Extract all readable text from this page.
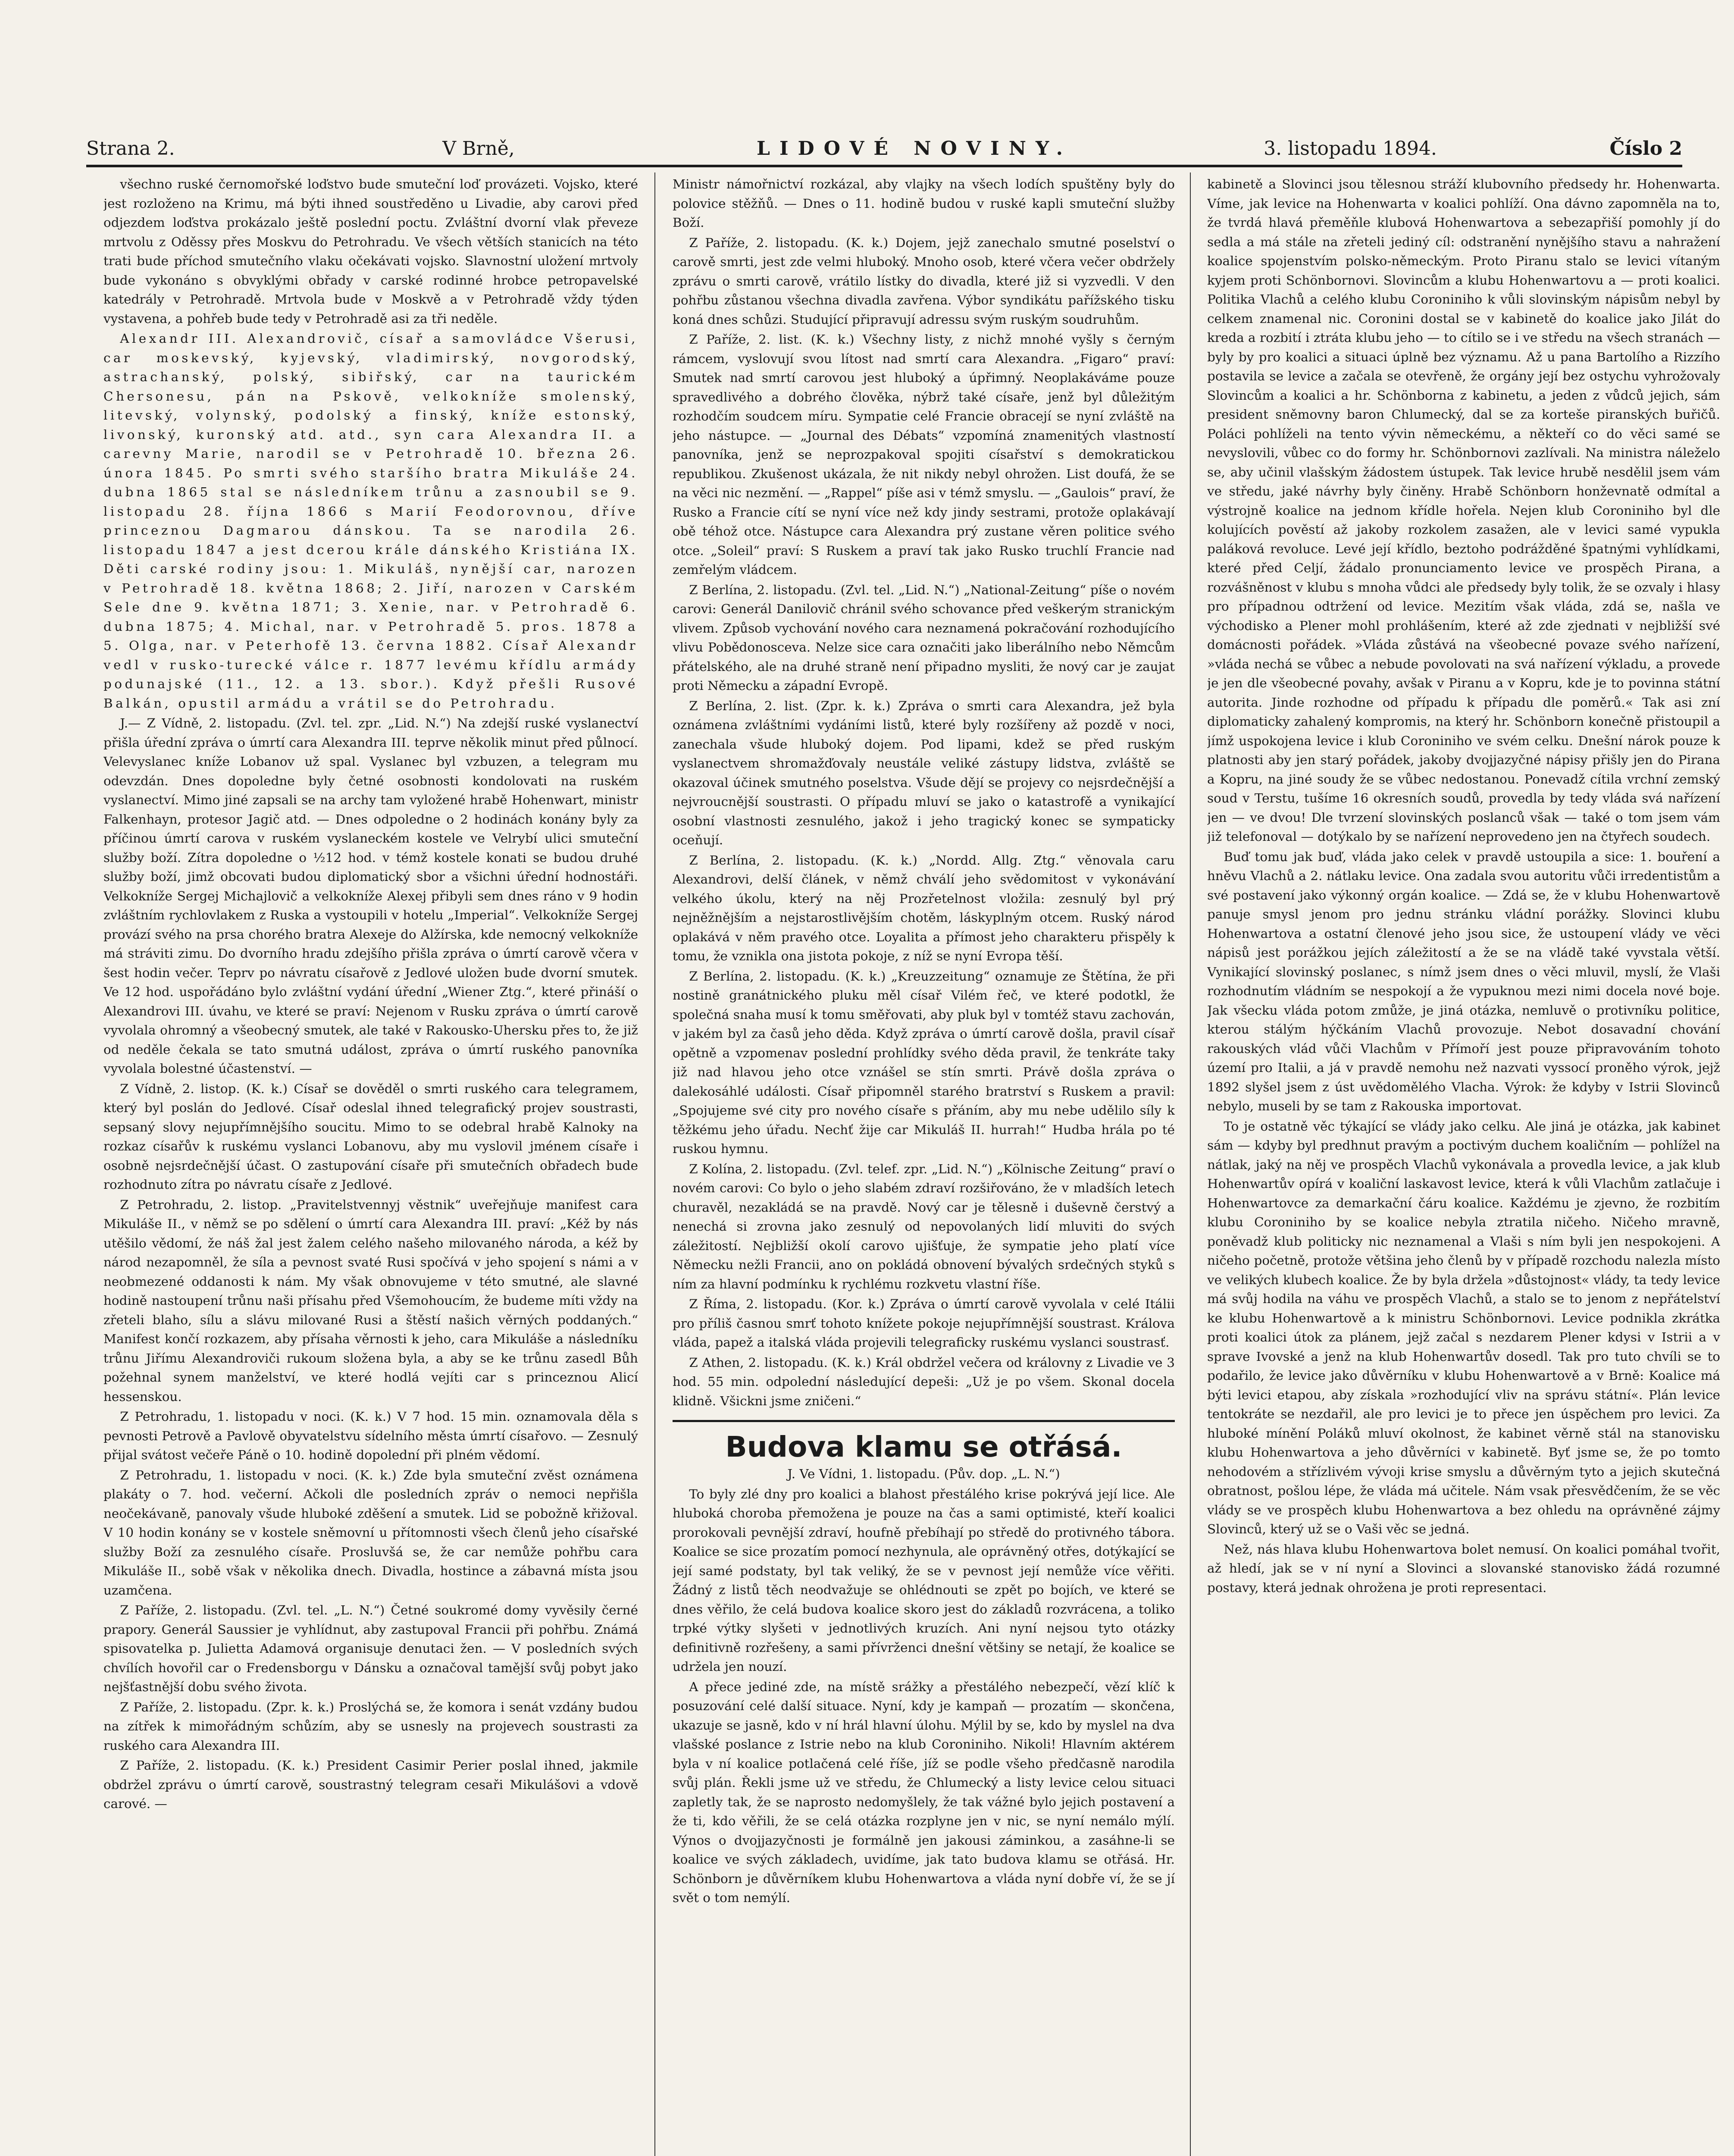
Strana 2.	V Brně,	LIDOVÉ NOVINY.	3. listopadu 1894.	Číslo 2

všechno ruské černomořské loďstvo bude smuteční loď provázeti. Vojsko, které jest rozloženo na Krimu, má býti ihned soustředěno u Livadie, aby carovi před odjezdem loďstva prokázalo ještě poslední poctu. Zvláštní dvorní vlak převeze mrtvolu z Oděssy přes Moskvu do Petrohradu. Ve všech větších stanicích na této trati bude příchod smutečního vlaku očekávati vojsko. Slavnostní uložení mrtvoly bude vykonáno s obvyklými obřady v carské rodinné hrobce petropavelské katedrály v Petrohradě. Mrtvola bude v Moskvě a v Petrohradě vždy týden vystavena, a pohřeb bude tedy v Petrohradě asi za tři neděle.

Alexandr III. Alexandrovič, císař a samovládce Všerusi, car moskevský, kyjevský, vladimirský, novgorodský, astrachanský, polský, sibiřský, car na taurickém Chersonesu, pán na Pskově, velkokníže smolenský, litevský, volynský, podolský a finský, kníže estonský, livonský, kuronský atd. atd., syn cara Alexandra II. a carevny Marie, narodil se v Petrohradě 10. března 26. února 1845. Po smrti svého staršího bratra Mikuláše 24. dubna 1865 stal se následníkem trůnu a zasnoubil se 9. listopadu 28. října 1866 s Marií Feodorovnou, dříve princeznou Dagmarou dánskou. Ta se narodila 26. listopadu 1847 a jest dcerou krále dánského Kristiána IX. Děti carské rodiny jsou: 1. Mikuláš, nynější car, narozen v Petrohradě 18. května 1868; 2. Jiří, narozen v Carském Sele dne 9. května 1871; 3. Xenie, nar. v Petrohradě 6. dubna 1875; 4. Michal, nar. v Petrohradě 5. pros. 1878 a 5. Olga, nar. v Peterhofě 13. června 1882. Císař Alexandr vedl v rusko-turecké válce r. 1877 levému křídlu armády podunajské (11., 12. a 13. sbor.). Když přešli Rusové Balkán, opustil armádu a vrátil se do Petrohradu.

J.— Z Vídně, 2. listopadu. (Zvl. tel. zpr. „Lid. N.“) Na zdejší ruské vyslanectví přišla úřední zpráva o úmrtí cara Alexandra III. teprve několik minut před půlnocí. Velevyslanec kníže Lobanov už spal. Vyslanec byl vzbuzen, a telegram mu odevzdán. Dnes dopoledne byly četné osobnosti kondolovati na ruském vyslanectví. Mimo jiné zapsali se na archy tam vyložené hrabě Hohenwart, ministr Falkenhayn, protesor Jagič atd. — Dnes odpoledne o 2 hodinách konány byly za příčinou úmrtí carova v ruském vyslaneckém kostele ve Velrybí ulici smuteční služby boží. Zítra dopoledne o ½12 hod. v témž kostele konati se budou druhé služby boží, jimž obcovati budou diplomatický sbor a všichni úřední hodnostáři. Velkokníže Sergej Michajlovič a velkokníže Alexej přibyli sem dnes ráno v 9 hodin zvláštním rychlovlakem z Ruska a vystoupili v hotelu „Imperial“. Velkokníže Sergej provází svého na prsa chorého bratra Alexeje do Alžírska, kde nemocný velkokníže má stráviti zimu. Do dvorního hradu zdejšího přišla zpráva o úmrtí carově včera v šest hodin večer. Teprv po návratu císařově z Jedlové uložen bude dvorní smutek. Ve 12 hod. uspořádáno bylo zvláštní vydání úřední „Wiener Ztg.“, které přináší o Alexandrovi III. úvahu, ve které se praví: Nejenom v Rusku zpráva o úmrtí carově vyvolala ohromný a všeobecný smutek, ale také v Rakousko-Uhersku přes to, že již od neděle čekala se tato smutná událost, zpráva o úmrtí ruského panovníka vyvolala bolestné účastenství. —

Z Vídně, 2. listop. (K. k.) Císař se dověděl o smrti ruského cara telegramem, který byl poslán do Jedlové. Císař odeslal ihned telegrafický projev soustrasti, sepsaný slovy nejupřímnějšího soucitu. Mimo to se odebral hrabě Kalnoky na rozkaz císařův k ruskému vyslanci Lobanovu, aby mu vyslovil jménem císaře i osobně nejsrdečnější účast. O zastupování císaře při smutečních obřadech bude rozhodnuto zítra po návratu císaře z Jedlové.

Z Petrohradu, 2. listop. „Pravitelstvennyj věstnik“ uveřejňuje manifest cara Mikuláše II., v němž se po sdělení o úmrtí cara Alexandra III. praví: „Kéž by nás utěšilo vědomí, že náš žal jest žalem celého našeho milovaného národa, a kéž by národ nezapomněl, že síla a pevnost svaté Rusi spočívá v jeho spojení s námi a v neobmezené oddanosti k nám. My však obnovujeme v této smutné, ale slavné hodině nastoupení trůnu naši přísahu před Všemohoucím, že budeme míti vždy na zřeteli blaho, sílu a slávu milované Rusi a štěstí našich věrných poddaných.“ Manifest končí rozkazem, aby přísaha věrnosti k jeho, cara Mikuláše a následníku trůnu Jiřímu Alexandroviči rukoum složena byla, a aby se ke trůnu zasedl Bůh požehnal synem manželství, ve které hodlá vejíti car s princeznou Alicí hessenskou.

Z Petrohradu, 1. listopadu v noci. (K. k.) V 7 hod. 15 min. oznamovala děla s pevnosti Petrově a Pavlově obyvatelstvu sídelního města úmrtí císařovo. — Zesnulý přijal svátost večeře Páně o 10. hodině dopolední při plném vědomí.

Z Petrohradu, 1. listopadu v noci. (K. k.) Zde byla smuteční zvěst oznámena plakáty o 7. hod. večerní. Ačkoli dle posledních zpráv o nemoci nepřišla neočekávaně, panovaly všude hluboké zděšení a smutek. Lid se pobožně křižoval. V 10 hodin konány se v kostele sněmovní u přítomnosti všech členů jeho císařské služby Boží za zesnulého císaře. Prosluvšá se, že car nemůže pohřbu cara Mikuláše II., sobě však v několika dnech. Divadla, hostince a zábavná místa jsou uzamčena.

Z Paříže, 2. listopadu. (Zvl. tel. „L. N.“) Četné soukromé domy vyvěsily černé prapory. Generál Saussier je vyhlídnut, aby zastupoval Francii při pohřbu. Známá spisovatelka p. Julietta Adamová organisuje denutaci žen. — V posledních svých chvílích hovořil car o Fredensborgu v Dánsku a označoval tamější svůj pobyt jako nejšťastnější dobu svého života.

Z Paříže, 2. listopadu. (Zpr. k. k.) Proslýchá se, že komora i senát vzdány budou na zítřek k mimořádným schůzím, aby se usnesly na projevech soustrasti za ruského cara Alexandra III.

Z Paříže, 2. listopadu. (K. k.) President Casimir Perier poslal ihned, jakmile obdržel zprávu o úmrtí carově, soustrastný telegram cesaři Mikulášovi a vdově carové. —

Ministr námořnictví rozkázal, aby vlajky na všech lodích spuštěny byly do polovice stěžňů. — Dnes o 11. hodině budou v ruské kapli smuteční služby Boží.

Z Paříže, 2. listopadu. (K. k.) Dojem, jejž zanechalo smutné poselství o carově smrti, jest zde velmi hluboký. Mnoho osob, které včera večer obdržely zprávu o smrti carově, vrátilo lístky do divadla, které již si vyzvedli. V den pohřbu zůstanou všechna divadla zavřena. Výbor syndikátu pařížského tisku koná dnes schůzi. Studující připravují adressu svým ruským soudruhům.

Z Paříže, 2. list. (K. k.) Všechny listy, z nichž mnohé vyšly s černým rámcem, vyslovují svou lítost nad smrtí cara Alexandra. „Figaro“ praví: Smutek nad smrtí carovou jest hluboký a úpřimný. Neoplakáváme pouze spravedlivého a dobrého člověka, nýbrž také císaře, jenž byl důležitým rozhodčím soudcem míru. Sympatie celé Francie obracejí se nyní zvláště na jeho nástupce. — „Journal des Débats“ vzpomíná znamenitých vlastností panovníka, jenž se neprozpakoval spojiti císařství s demokratickou republikou. Zkušenost ukázala, že nit nikdy nebyl ohrožen. List doufá, že se na věci nic nezmění. — „Rappel“ píše asi v témž smyslu. — „Gaulois“ praví, že Rusko a Francie cítí se nyní více než kdy jindy sestrami, protože oplakávají obě téhož otce. Nástupce cara Alexandra prý zustane věren politice svého otce. „Soleil“ praví: S Ruskem a praví tak jako Rusko truchlí Francie nad zemřelým vládcem.

Z Berlína, 2. listopadu. (Zvl. tel. „Lid. N.“) „National-Zeitung“ píše o novém carovi: Generál Danilovič chránil svého schovance před veškerým stranickým vlivem. Způsob vychování nového cara neznamená pokračování rozhodujícího vlivu Pobědonosceva. Nelze sice cara označiti jako liberálního nebo Němcům přátelského, ale na druhé straně není připadno mysliti, že nový car je zaujat proti Německu a západní Evropě.

Z Berlína, 2. list. (Zpr. k. k.) Zpráva o smrti cara Alexandra, jež byla oznámena zvláštními vydáními listů, které byly rozšířeny až pozdě v noci, zanechala všude hluboký dojem. Pod lipami, kdež se před ruským vyslanectvem shromažďovaly neustále veliké zástupy lidstva, zvláště se okazoval účinek smutného poselstva. Všude dějí se projevy co nejsrdečnější a nejvroucnější soustrasti. O případu mluví se jako o katastrofě a vynikající osobní vlastnosti zesnulého, jakož i jeho tragický konec se sympaticky oceňují.

Z Berlína, 2. listopadu. (K. k.) „Nordd. Allg. Ztg.“ věnovala caru Alexandrovi, delší článek, v němž chválí jeho svědomitost v vykonávání velkého úkolu, který na něj Prozřetelnost vložila: zesnulý byl prý nejněžnějším a nejstarostlivějším chotěm, láskyplným otcem. Ruský národ oplakává v něm pravého otce. Loyalita a přímost jeho charakteru přispěly k tomu, že vznikla ona jistota pokoje, z níž se nyní Evropa těší.

Z Berlína, 2. listopadu. (K. k.) „Kreuzzeitung“ oznamuje ze Štětína, že při nostině granátnického pluku měl císař Vilém řeč, ve které podotkl, že společná snaha musí k tomu směřovati, aby pluk byl v tomtéž stavu zachován, v jakém byl za časů jeho děda. Když zpráva o úmrtí carově došla, pravil císař opětně a vzpomenav poslední prohlídky svého děda pravil, že tenkráte taky již nad hlavou jeho otce vznášel se stín smrti. Právě došla zpráva o dalekosáhlé události. Císař připomněl starého bratrství s Ruskem a pravil: „Spojujeme své city pro nového císaře s přáním, aby mu nebe udělilo síly k těžkému jeho úřadu. Nechť žije car Mikuláš II. hurrah!“ Hudba hrála po té ruskou hymnu.

Z Kolína, 2. listopadu. (Zvl. telef. zpr. „Lid. N.“) „Kölnische Zeitung“ praví o novém carovi: Co bylo o jeho slabém zdraví rozšiřováno, že v mladších letech churavěl, nezakládá se na pravdě. Nový car je tělesně i duševně čerstvý a nenechá si zrovna jako zesnulý od nepovolaných lidí mluviti do svých záležitostí. Nejbližší okolí carovo ujišťuje, že sympatie jeho platí více Německu nežli Francii, ano on pokládá obnovení bývalých srdečných styků s ním za hlavní podmínku k rychlému rozkvetu vlastní říše.

Z Říma, 2. listopadu. (Kor. k.) Zpráva o úmrtí carově vyvolala v celé Itálii pro příliš časnou smrť tohoto knížete pokoje nejupřímnější soustrast. Králova vláda, papež a italská vláda projevili telegraficky ruskému vyslanci soustrasť.

Z Athen, 2. listopadu. (K. k.) Král obdržel večera od královny z Livadie ve 3 hod. 55 min. odpolední následující depeši: „Už je po všem. Skonal docela klidně. Všickni jsme zničeni.“

Budova klamu se otřásá.

J. Ve Vídni, 1. listopadu. (Pův. dop. „L. N.“)

To byly zlé dny pro koalici a blahost přestálého krise pokrývá její lice. Ale hluboká choroba přemožena je pouze na čas a sami optimisté, kteří koalici prorokovali pevnější zdraví, houfně přebíhají po středě do protivného tábora. Koalice se sice prozatím pomocí nezhynula, ale oprávněný otřes, dotýkající se její samé podstaty, byl tak veliký, že se v pevnost její nemůže více věřiti. Žádný z listů těch neodvažuje se ohlédnouti se zpět po bojích, ve které se dnes věřilo, že celá budova koalice skoro jest do základů rozvrácena, a toliko trpké výtky slyšeti v jednotlivých kruzích. Ani nyní nejsou tyto otázky definitivně rozřešeny, a sami přívrženci dnešní většiny se netají, že koalice se udržela jen nouzí.

A přece jediné zde, na místě srážky a přestálého nebezpečí, vězí klíč k posuzování celé další situace. Nyní, kdy je kampaň — prozatím — skončena, ukazuje se jasně, kdo v ní hrál hlavní úlohu. Mýlil by se, kdo by myslel na dva vlašské poslance z Istrie nebo na klub Coroniniho. Nikoli! Hlavním aktérem byla v ní koalice potlačená celé říše, jíž se podle všeho předčasně narodila svůj plán. Řekli jsme už ve středu, že Chlumecký a listy levice celou situaci zapletly tak, že se naprosto nedomyšlely, že tak vážné bylo jejich postavení a že ti, kdo věřili, že se celá otázka rozplyne jen v nic, se nyní nemálo mýlí. Výnos o dvojjazyčnosti je formálně jen jakousi záminkou, a zasáhne-li se koalice ve svých základech, uvidíme, jak tato budova klamu se otřásá. Hr. Schönborn je důvěrníkem klubu Hohenwartova a vláda nyní dobře ví, že se jí svět o tom nemýlí.

kabinetě a Slovinci jsou tělesnou stráží klubovního předsedy hr. Hohenwarta. Víme, jak levice na Hohenwarta v koalici pohlíží. Ona dávno zapomněla na to, že tvrdá hlavá přeměňle klubová Hohenwartova a sebezapřiší pomohly jí do sedla a má stále na zřeteli jediný cíl: odstranění nynějšího stavu a nahražení koalice spojenstvím polsko-německým. Proto Piranu stalo se levici vítaným kyjem proti Schönbornovi. Slovincům a klubu Hohenwartovu a — proti koalici. Politika Vlachů a celého klubu Coroniniho k vůli slovinským nápisům nebyl by celkem znamenal nic. Coronini dostal se v kabinetě do koalice jako Jilát do kreda a rozbití i ztráta klubu jeho — to cítilo se i ve středu na všech stranách — byly by pro koalici a situaci úplně bez významu. Až u pana Bartolího a Rizzího postavila se levice a začala se otevřeně, že orgány její bez ostychu vyhrožovaly Slovincům a koalici a hr. Schönborna z kabinetu, a jeden z vůdců jejich, sám president sněmovny baron Chlumecký, dal se za korteše piranských buřičů. Poláci pohlíželi na tento vývin německému, a někteří co do věci samé se nevyslovili, vůbec co do formy hr. Schönbornovi zazlívali. Na ministra náleželo se, aby učinil vlašským žádostem ústupek. Tak levice hrubě nesdělil jsem vám ve středu, jaké návrhy byly činěny. Hrabě Schönborn honževnatě odmítal a výstrojně koalice na jednom křídle hořela. Nejen klub Coroniniho byl dle kolujících pověstí až jakoby rozkolem zasažen, ale v levici samé vypukla paláková revoluce. Levé její křídlo, beztoho podrážděné špatnými vyhlídkami, které před Celjí, žádalo pronunciamento levice ve prospěch Pirana, a rozvášněnost v klubu s mnoha vůdci ale předsedy byly tolik, že se ozvaly i hlasy pro případnou odtržení od levice. Mezitím však vláda, zdá se, našla ve východisko a Plener mohl prohlášením, které až zde zjednati v nejbližší své domácnosti pořádek. »Vláda zůstává na všeobecné povaze svého nařízení, »vláda nechá se vůbec a nebude povolovati na svá nařízení výkladu, a provede je jen dle všeobecné povahy, avšak v Piranu a v Kopru, kde je to povinna státní autorita. Jinde rozhodne od případu k případu dle poměrů.« Tak asi zní diplomaticky zahalený kompromis, na který hr. Schönborn konečně přistoupil a jímž uspokojena levice i klub Coroniniho ve svém celku. Dnešní nárok pouze k platnosti aby jen starý pořádek, jakoby dvojjazyčné nápisy přišly jen do Pirana a Kopru, na jiné soudy že se vůbec nedostanou. Ponevadž cítila vrchní zemský soud v Terstu, tušíme 16 okresních soudů, provedla by tedy vláda svá nařízení jen — ve dvou! Dle tvrzení slovinských poslanců však — také o tom jsem vám již telefonoval — dotýkalo by se nařízení neprovedeno jen na čtyřech soudech.

Buď tomu jak buď, vláda jako celek v pravdě ustoupila a sice: 1. bouření a hněvu Vlachů a 2. nátlaku levice. Ona zadala svou autoritu vůči irredentistům a své postavení jako výkonný orgán koalice. — Zdá se, že v klubu Hohenwartově panuje smysl jenom pro jednu stránku vládní porážky. Slovinci klubu Hohenwartova a ostatní členové jeho jsou sice, že ustoupení vlády ve věci nápisů jest porážkou jejích záležitostí a že se na vládě také vyvstala větší. Vynikající slovinský poslanec, s nímž jsem dnes o věci mluvil, myslí, že Vlaši rozhodnutím vládním se nespokojí a že vypuknou mezi nimi docela nové boje. Jak všecku vláda potom zmůže, je jiná otázka, nemluvě o protivníku politice, kterou stálým hýčkáním Vlachů provozuje. Nebot dosavadní chování rakouských vlád vůči Vlachům v Přímoří jest pouze připravováním tohoto území pro Italii, a já v pravdě nemohu než nazvati vyssocí proněho výrok, jejž 1892 slyšel jsem z úst uvědomělého Vlacha. Výrok: že kdyby v Istrii Slovinců nebylo, museli by se tam z Rakouska importovat.

To je ostatně věc týkající se vlády jako celku. Ale jiná je otázka, jak kabinet sám — kdyby byl predhnut pravým a poctivým duchem koaličním — pohlížel na nátlak, jaký na něj ve prospěch Vlachů vykonávala a provedla levice, a jak klub Hohenwartův opírá v koaliční laskavost levice, která k vůli Vlachům zatlačuje i Hohenwartovce za demarkační čáru koalice. Každému je zjevno, že rozbitím klubu Coroniniho by se koalice nebyla ztratila ničeho. Ničeho mravně, poněvadž klub politicky nic neznamenal a Vlaši s ním byli jen nespokojeni. A ničeho početně, protože většina jeho členů by v případě rozchodu nalezla místo ve velikých klubech koalice. Že by byla držela »důstojnost« vlády, ta tedy levice má svůj hodila na váhu ve prospěch Vlachů, a stalo se to jenom z nepřátelství ke klubu Hohenwartově a k ministru Schönbornovi. Levice podnikla zkrátka proti koalici útok za plánem, jejž začal s nezdarem Plener kdysi v Istrii a v sprave Ivovské a jenž na klub Hohenwartův dosedl. Tak pro tuto chvíli se to podařilo, že levice jako důvěrníku v klubu Hohenwartově a v Brně: Koalice má býti levici etapou, aby získala »rozhodující vliv na správu státní«. Plán levice tentokráte se nezdařil, ale pro levici je to přece jen úspěchem pro levici. Za hluboké mínění Poláků mluví okolnost, že kabinet věrně stál na stanovisku klubu Hohenwartova a jeho důvěrníci v kabinetě. Byť jsme se, že po tomto nehodovém a střízlivém vývoji krise smyslu a důvěrným tyto a jejich skutečná obratnost, pošlou lépe, že vláda má učitele. Nám vsak přesvědčením, že se věc vlády se ve prospěch klubu Hohenwartova a bez ohledu na oprávněné zájmy Slovinců, který už se o Vaši věc se jedná.

Než, nás hlava klubu Hohenwartova bolet nemusí. On koalici pomáhal tvořit, až hledí, jak se v ní nyní a Slovinci a slovanské stanovisko žádá rozumné postavy, která jednak ohrožena je proti representaci.
